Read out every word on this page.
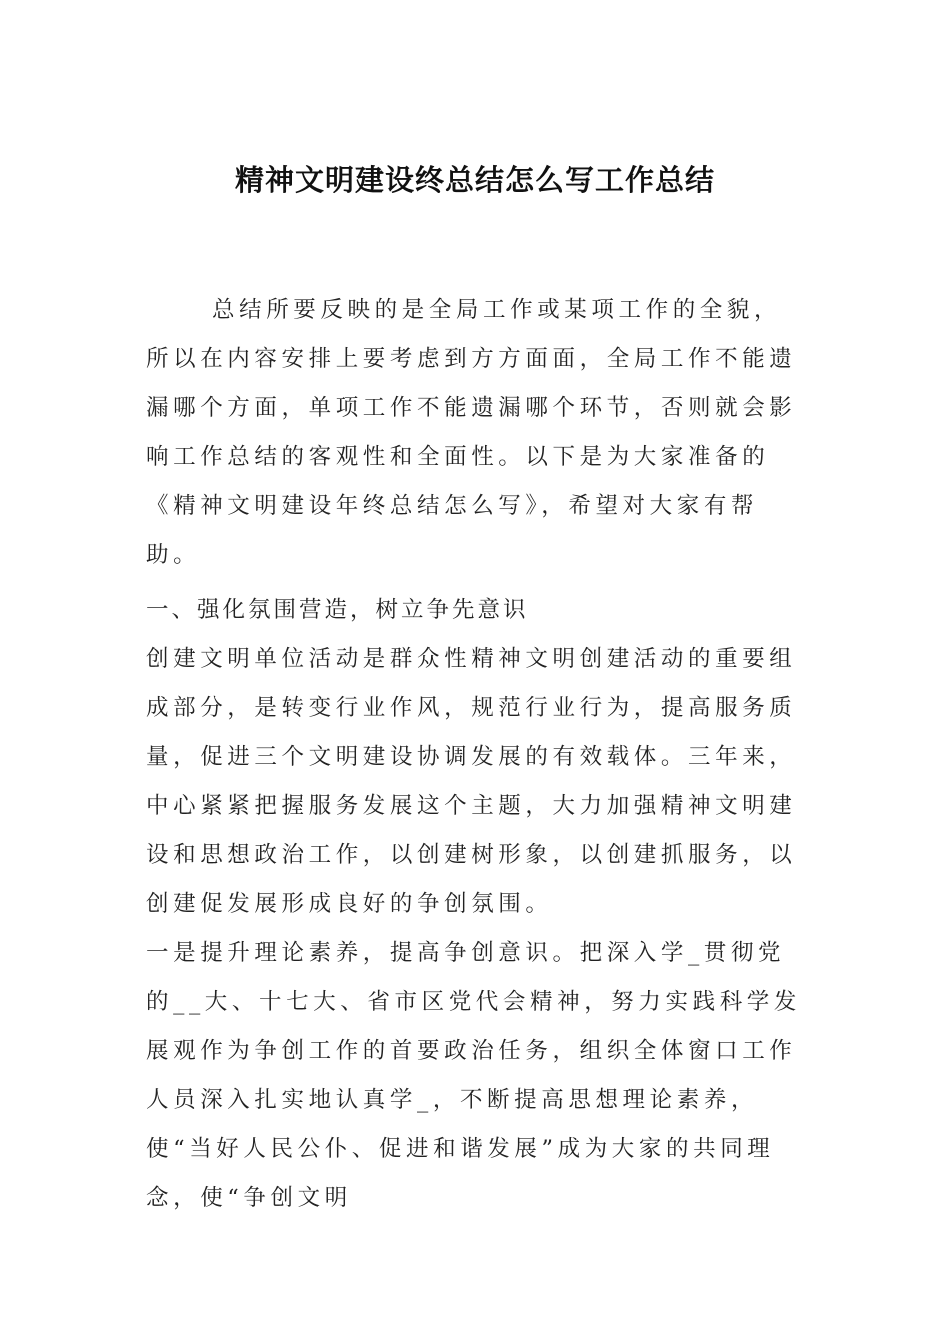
精神文明建设终总结怎么写工作总结

总结所要反映的是全局工作或某项工作的全貌，所以在内容安排上要考虑到方方面面，全局工作不能遗漏哪个方面，单项工作不能遗漏哪个环节，否则就会影响工作总结的客观性和全面性。以下是为大家准备的《精神文明建设年终总结怎么写》，希望对大家有帮助。

一、强化氛围营造，树立争先意识

创建文明单位活动是群众性精神文明创建活动的重要组成部分，是转变行业作风，规范行业行为，提高服务质量，促进三个文明建设协调发展的有效载体。三年来，中心紧紧把握服务发展这个主题，大力加强精神文明建设和思想政治工作，以创建树形象，以创建抓服务，以创建促发展形成良好的争创氛围。

一是提升理论素养，提高争创意识。把深入学_贯彻党的__大、十七大、省市区党代会精神，努力实践科学发展观作为争创工作的首要政治任务，组织全体窗口工作人员深入扎实地认真学_，不断提高思想理论素养，使“当好人民公仆、促进和谐发展”成为大家的共同理念，使“争创文明
